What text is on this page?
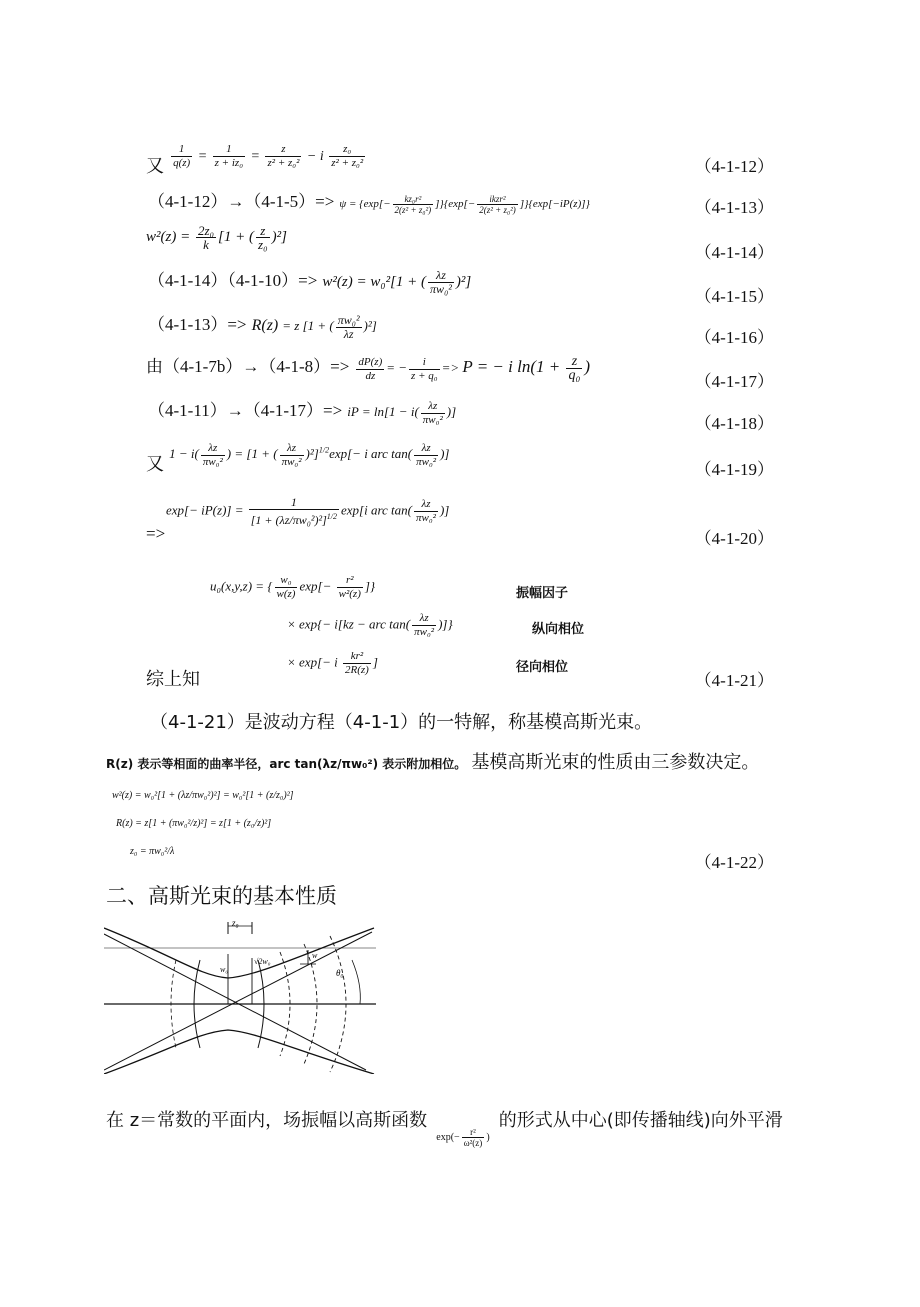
又 $\frac{1}{q(z)} = \frac{1}{\text{z + iz₀}} = \frac{z}{\text{z² + z₀²}} - i \frac{\text{z₀}}{\text{z² + z₀²}}$	（4-1-12）
$(4-1-12)\to(4-1-5)=> \psi = \{\exp[- \frac{\text{kz₀r²}}{\text{2(z² + z₀²)}} ]\}\{\exp[- \frac{\text{ikzr²}}{\text{2(z² + z₀²)}} ]\}\{\exp[-iP(z)]\}$	（4-1-13）
$w^2(z) = \frac{\text{2z₀}}{k} [1$ + ( $\frac{z}{\text{z₀}} )^2$]
（4-1-14）
（4-1-14）（4-1-10）=> w²(z) = w₀²[1 + ( $\frac{\lambda z}{\text{πw₀²}} )^2$]
（4-1-15）
（4-1-13）=> R(z) = z [1 + ( $\frac{\text{πw₀²}}{\lambda z} )^2$]
（4-1-16）
由$(4-1-7b)\to(4-1-8)=> \frac{dP(z)}{dz}$ = − $\frac{i}{\text{z + q₀}} => P$ = − i $\ln(1 + \frac{z}{\text{q₀}}$ )
（4-1-17）
（4-1-11）→（4-1-17）=> iP = $\ln[1 - i( \frac{\lambda z}{\text{πw₀²}}$ )]
（4-1-18）
又 $1 - i( \frac{\lambda z}{\text{πw₀²}}$ ) = [1 + ( $\frac{\lambda z}{\text{πw₀²}} )^2]^{1/2}\exp[- i$ arc $\tan( \frac{\lambda z}{\text{πw₀²}}$ )]
（4-1-19）
$\exp[- iP(z)] = \frac{1}{[1 + (\lambda z/\pi w_0^2)^2]^{1/2}} \exp[i$ arc $\tan( \frac{\lambda z}{\text{πw₀²}}$ )]
=>	（4-1-20）
u₀(x,y,z) = { $\frac{\text{w₀}}{w(z)} \exp[- \frac{\text{r²}}{\text{w²(z)}}$ ]}
振幅因子
× exp{− i[kz − arc $\tan( \frac{\lambda z}{\text{πw₀²}}$ )]}	纵向相位
× exp[− i $\frac{\text{kr²}}{2R(z)}$ ]	径向相位
综上知	（4-1-21）
（4-1-21）是波动方程（4-1-1）的一特解，称基模高斯光束。
R(z) 表示等相面的曲率半径，arc tan(λz/πw₀²) 表示附加相位。 基模高斯光束的性质由三参数决定。
w²(z) = w₀²[1 + (λz/πw₀²)²] = w₀²[1 + (z/z₀)²]
R(z) = z[1 + (πw₀²/z)²] = z[1 + (z₀/z)²]
z₀ = πw₀²/λ
（4-1-22）
二、高斯光束的基本性质
z₀
w₀
√2w₀
w
θ₀
在 z＝常数的平面内，场振幅以高斯函数 $\exp(- \frac{\text{r²}}{\text{ω²(z)}}$ ) 的形式从中心(即传播轴线)向外平滑
